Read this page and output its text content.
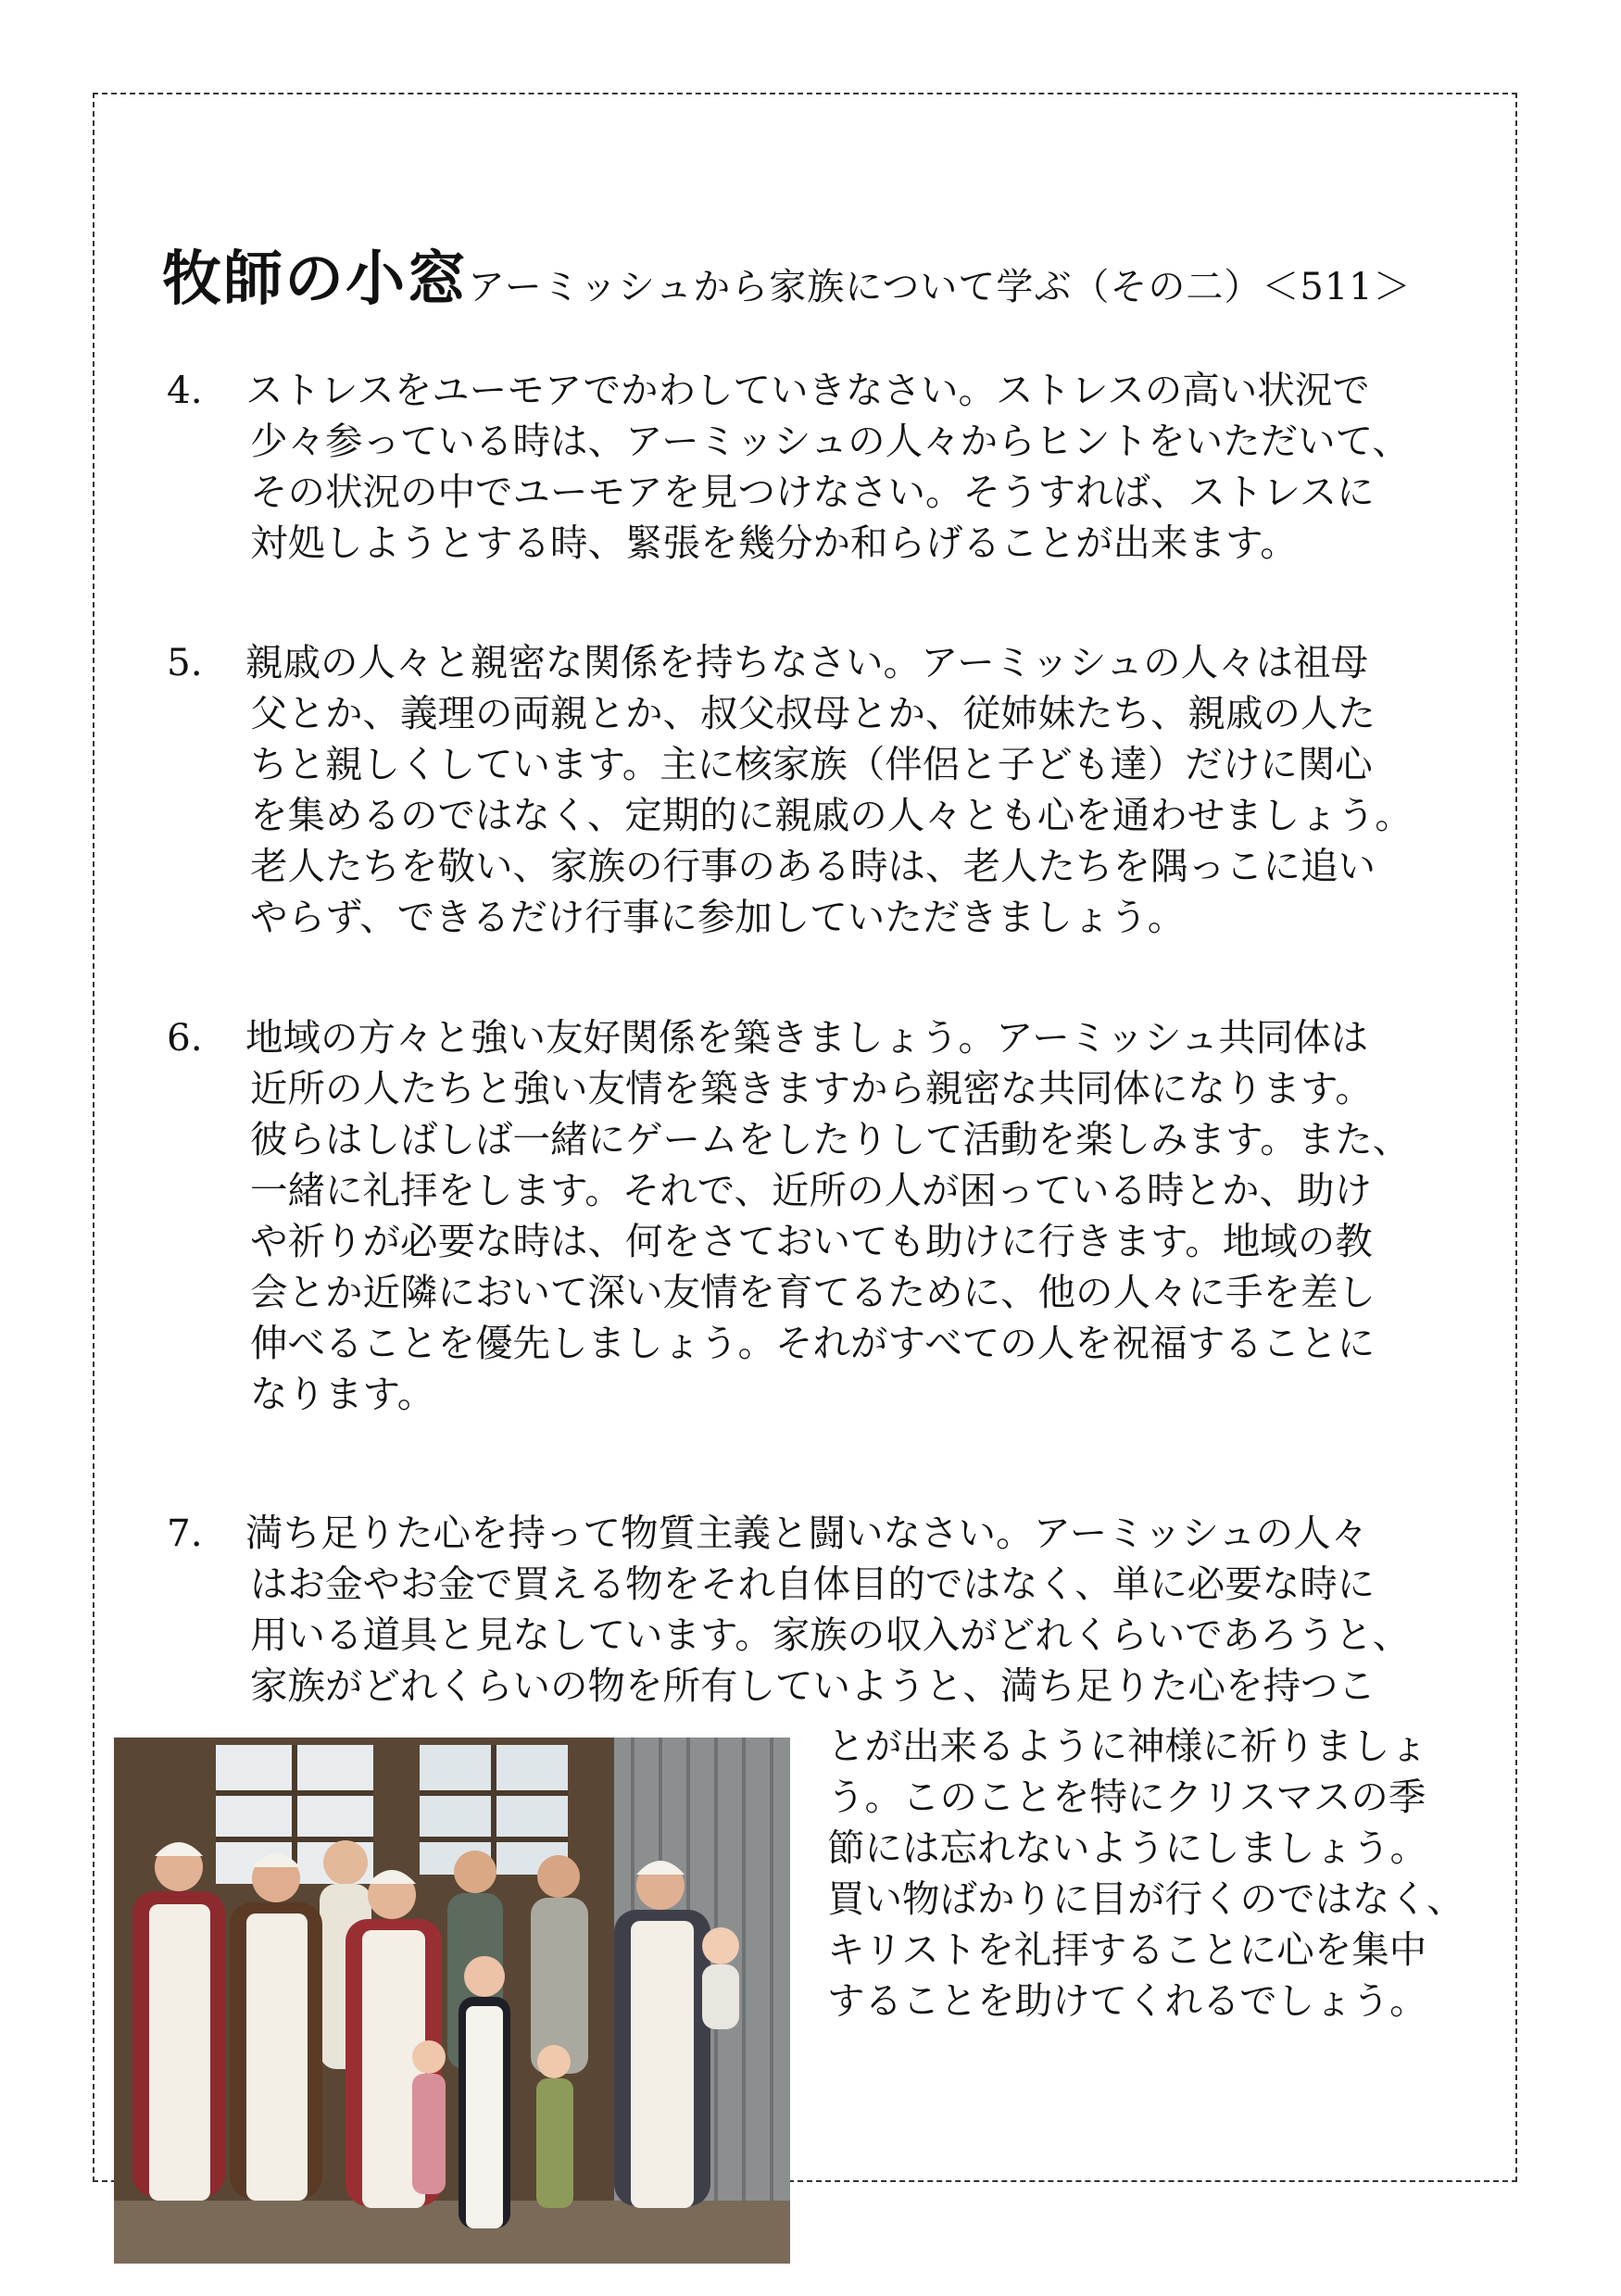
牧師の小窓アーミッシュから家族について学ぶ（その二）＜511＞
4.	ストレスをユーモアでかわしていきなさい。ストレスの高い状況で
少々参っている時は、アーミッシュの人々からヒントをいただいて、
その状況の中でユーモアを見つけなさい。そうすれば、ストレスに
対処しようとする時、緊張を幾分か和らげることが出来ます。
5.	親戚の人々と親密な関係を持ちなさい。アーミッシュの人々は祖母
父とか、義理の両親とか、叔父叔母とか、従姉妹たち、親戚の人た
ちと親しくしています。主に核家族（伴侶と子ども達）だけに関心
を集めるのではなく、定期的に親戚の人々とも心を通わせましょう。
老人たちを敬い、家族の行事のある時は、老人たちを隅っこに追い
やらず、できるだけ行事に参加していただきましょう。
6.	地域の方々と強い友好関係を築きましょう。アーミッシュ共同体は
近所の人たちと強い友情を築きますから親密な共同体になります。
彼らはしばしば一緒にゲームをしたりして活動を楽しみます。また、
一緒に礼拝をします。それで、近所の人が困っている時とか、助け
や祈りが必要な時は、何をさておいても助けに行きます。地域の教
会とか近隣において深い友情を育てるために、他の人々に手を差し
伸べることを優先しましょう。それがすべての人を祝福することに
なります。
7.	満ち足りた心を持って物質主義と闘いなさい。アーミッシュの人々
はお金やお金で買える物をそれ自体目的ではなく、単に必要な時に
用いる道具と見なしています。家族の収入がどれくらいであろうと、
家族がどれくらいの物を所有していようと、満ち足りた心を持つこ
とが出来るように神様に祈りましょ
う。このことを特にクリスマスの季
節には忘れないようにしましょう。
買い物ばかりに目が行くのではなく、
キリストを礼拝することに心を集中
することを助けてくれるでしょう。
